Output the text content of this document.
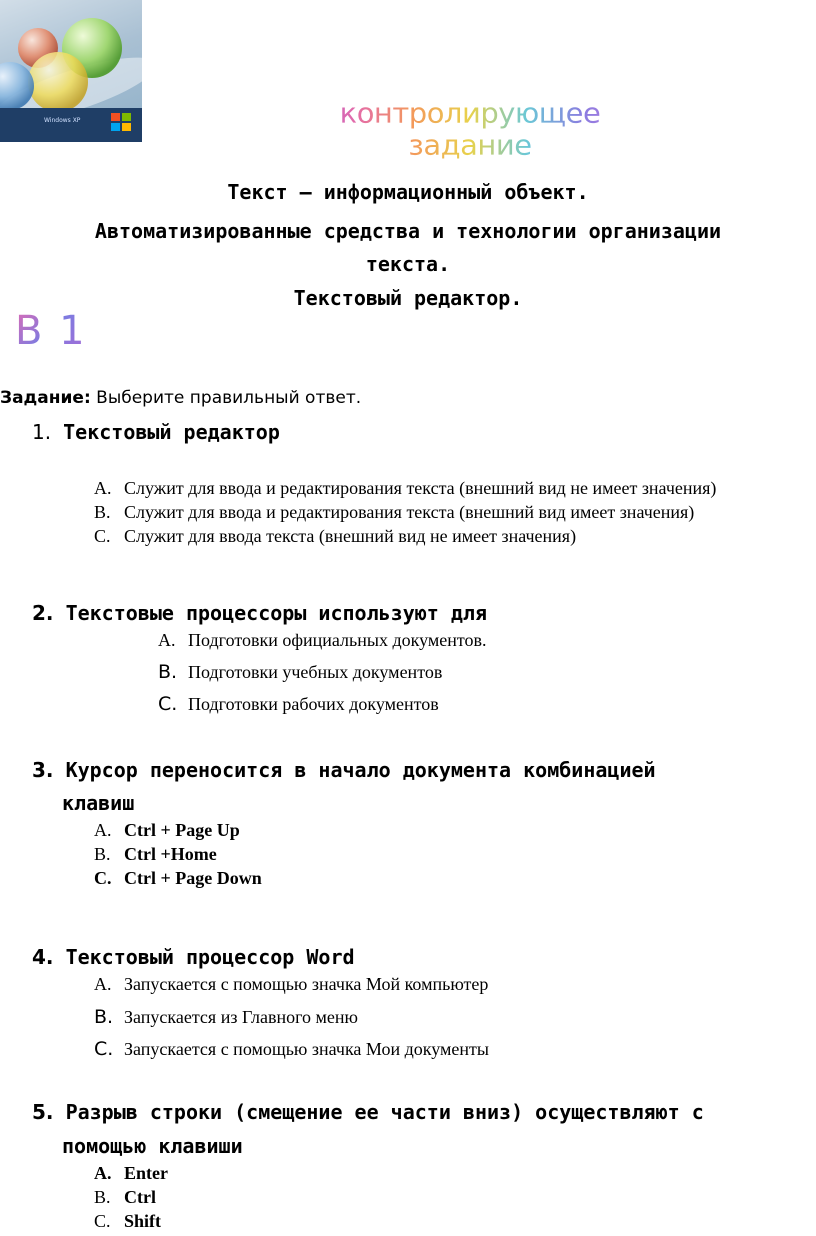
Windows XP	контролирующее задание
Текст – информационный объект.
Автоматизированные средства и технологии организации
текста.
Текстовый редактор.
В 1
Задание: Выберите правильный ответ.
1. Текстовый редактор
A. Служит для ввода и редактирования текста (внешний вид не имеет значения)
B. Служит для ввода и редактирования текста (внешний вид имеет значения)
C. Служит для ввода текста (внешний вид не имеет значения)
2. Текстовые процессоры используют для
A. Подготовки официальных документов.
B. Подготовки учебных документов
C. Подготовки рабочих документов
3. Курсор переносится в начало документа комбинацией
клавиш
A. Ctrl + Page Up
B. Ctrl +Home
C. Ctrl + Page Down
4. Текстовый процессор Word
A. Запускается с помощью значка Мой компьютер
B. Запускается из Главного меню
C. Запускается с помощью значка Мои документы
5. Разрыв строки (смещение ее части вниз) осуществляют с
помощью клавиши
A. Enter
B. Ctrl
C. Shift
